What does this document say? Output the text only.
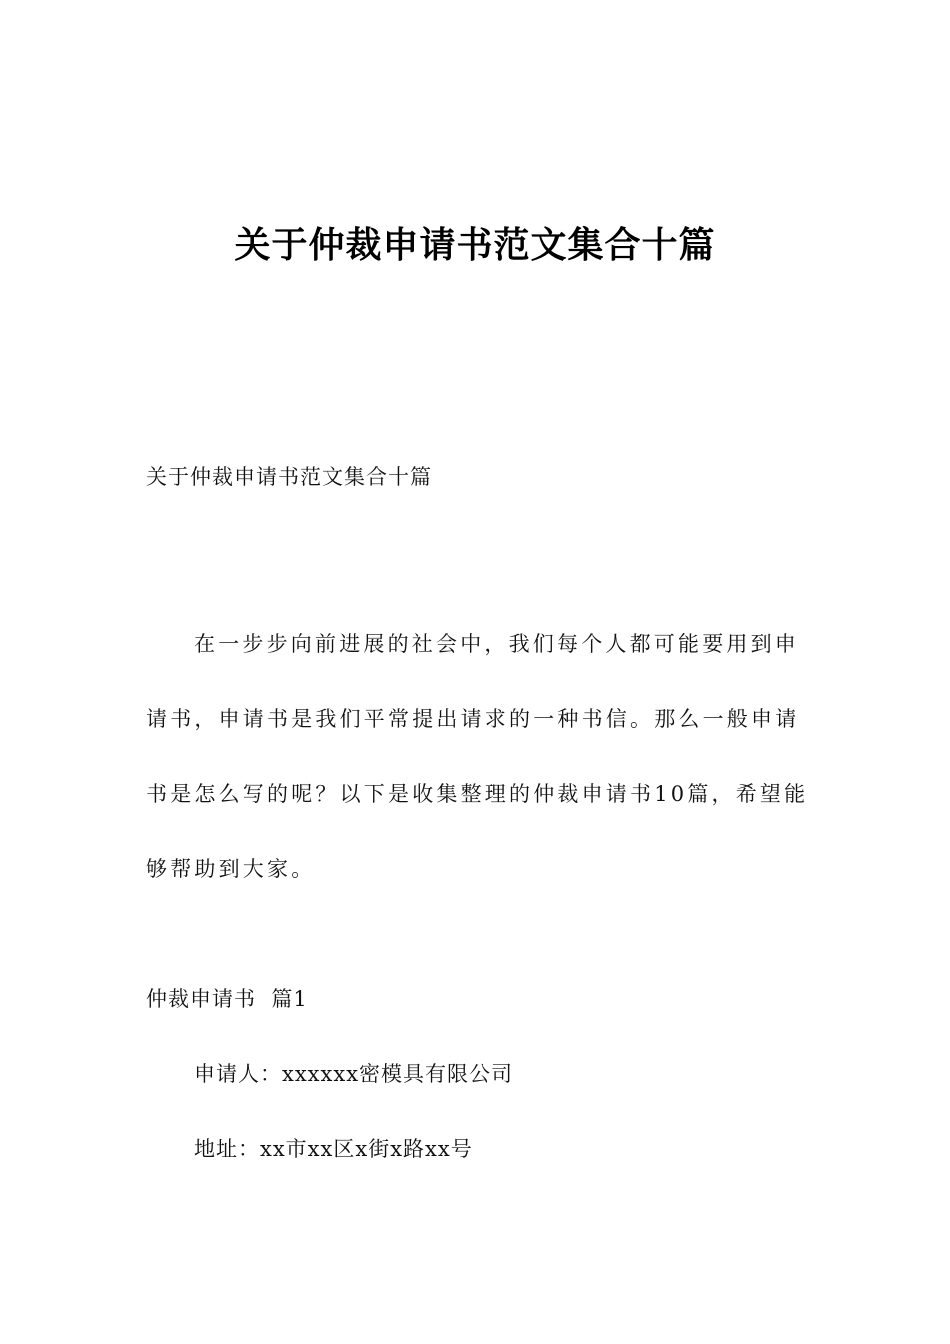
关于仲裁申请书范文集合十篇
关于仲裁申请书范文集合十篇
在一步步向前进展的社会中，我们每个人都可能要用到申请书，申请书是我们平常提出请求的一种书信。那么一般申请书是怎么写的呢？以下是收集整理的仲裁申请书10篇，希望能够帮助到大家。
仲裁申请书  篇1
申请人：xxxxxx密模具有限公司
地址：xx市xx区x街x路xx号
